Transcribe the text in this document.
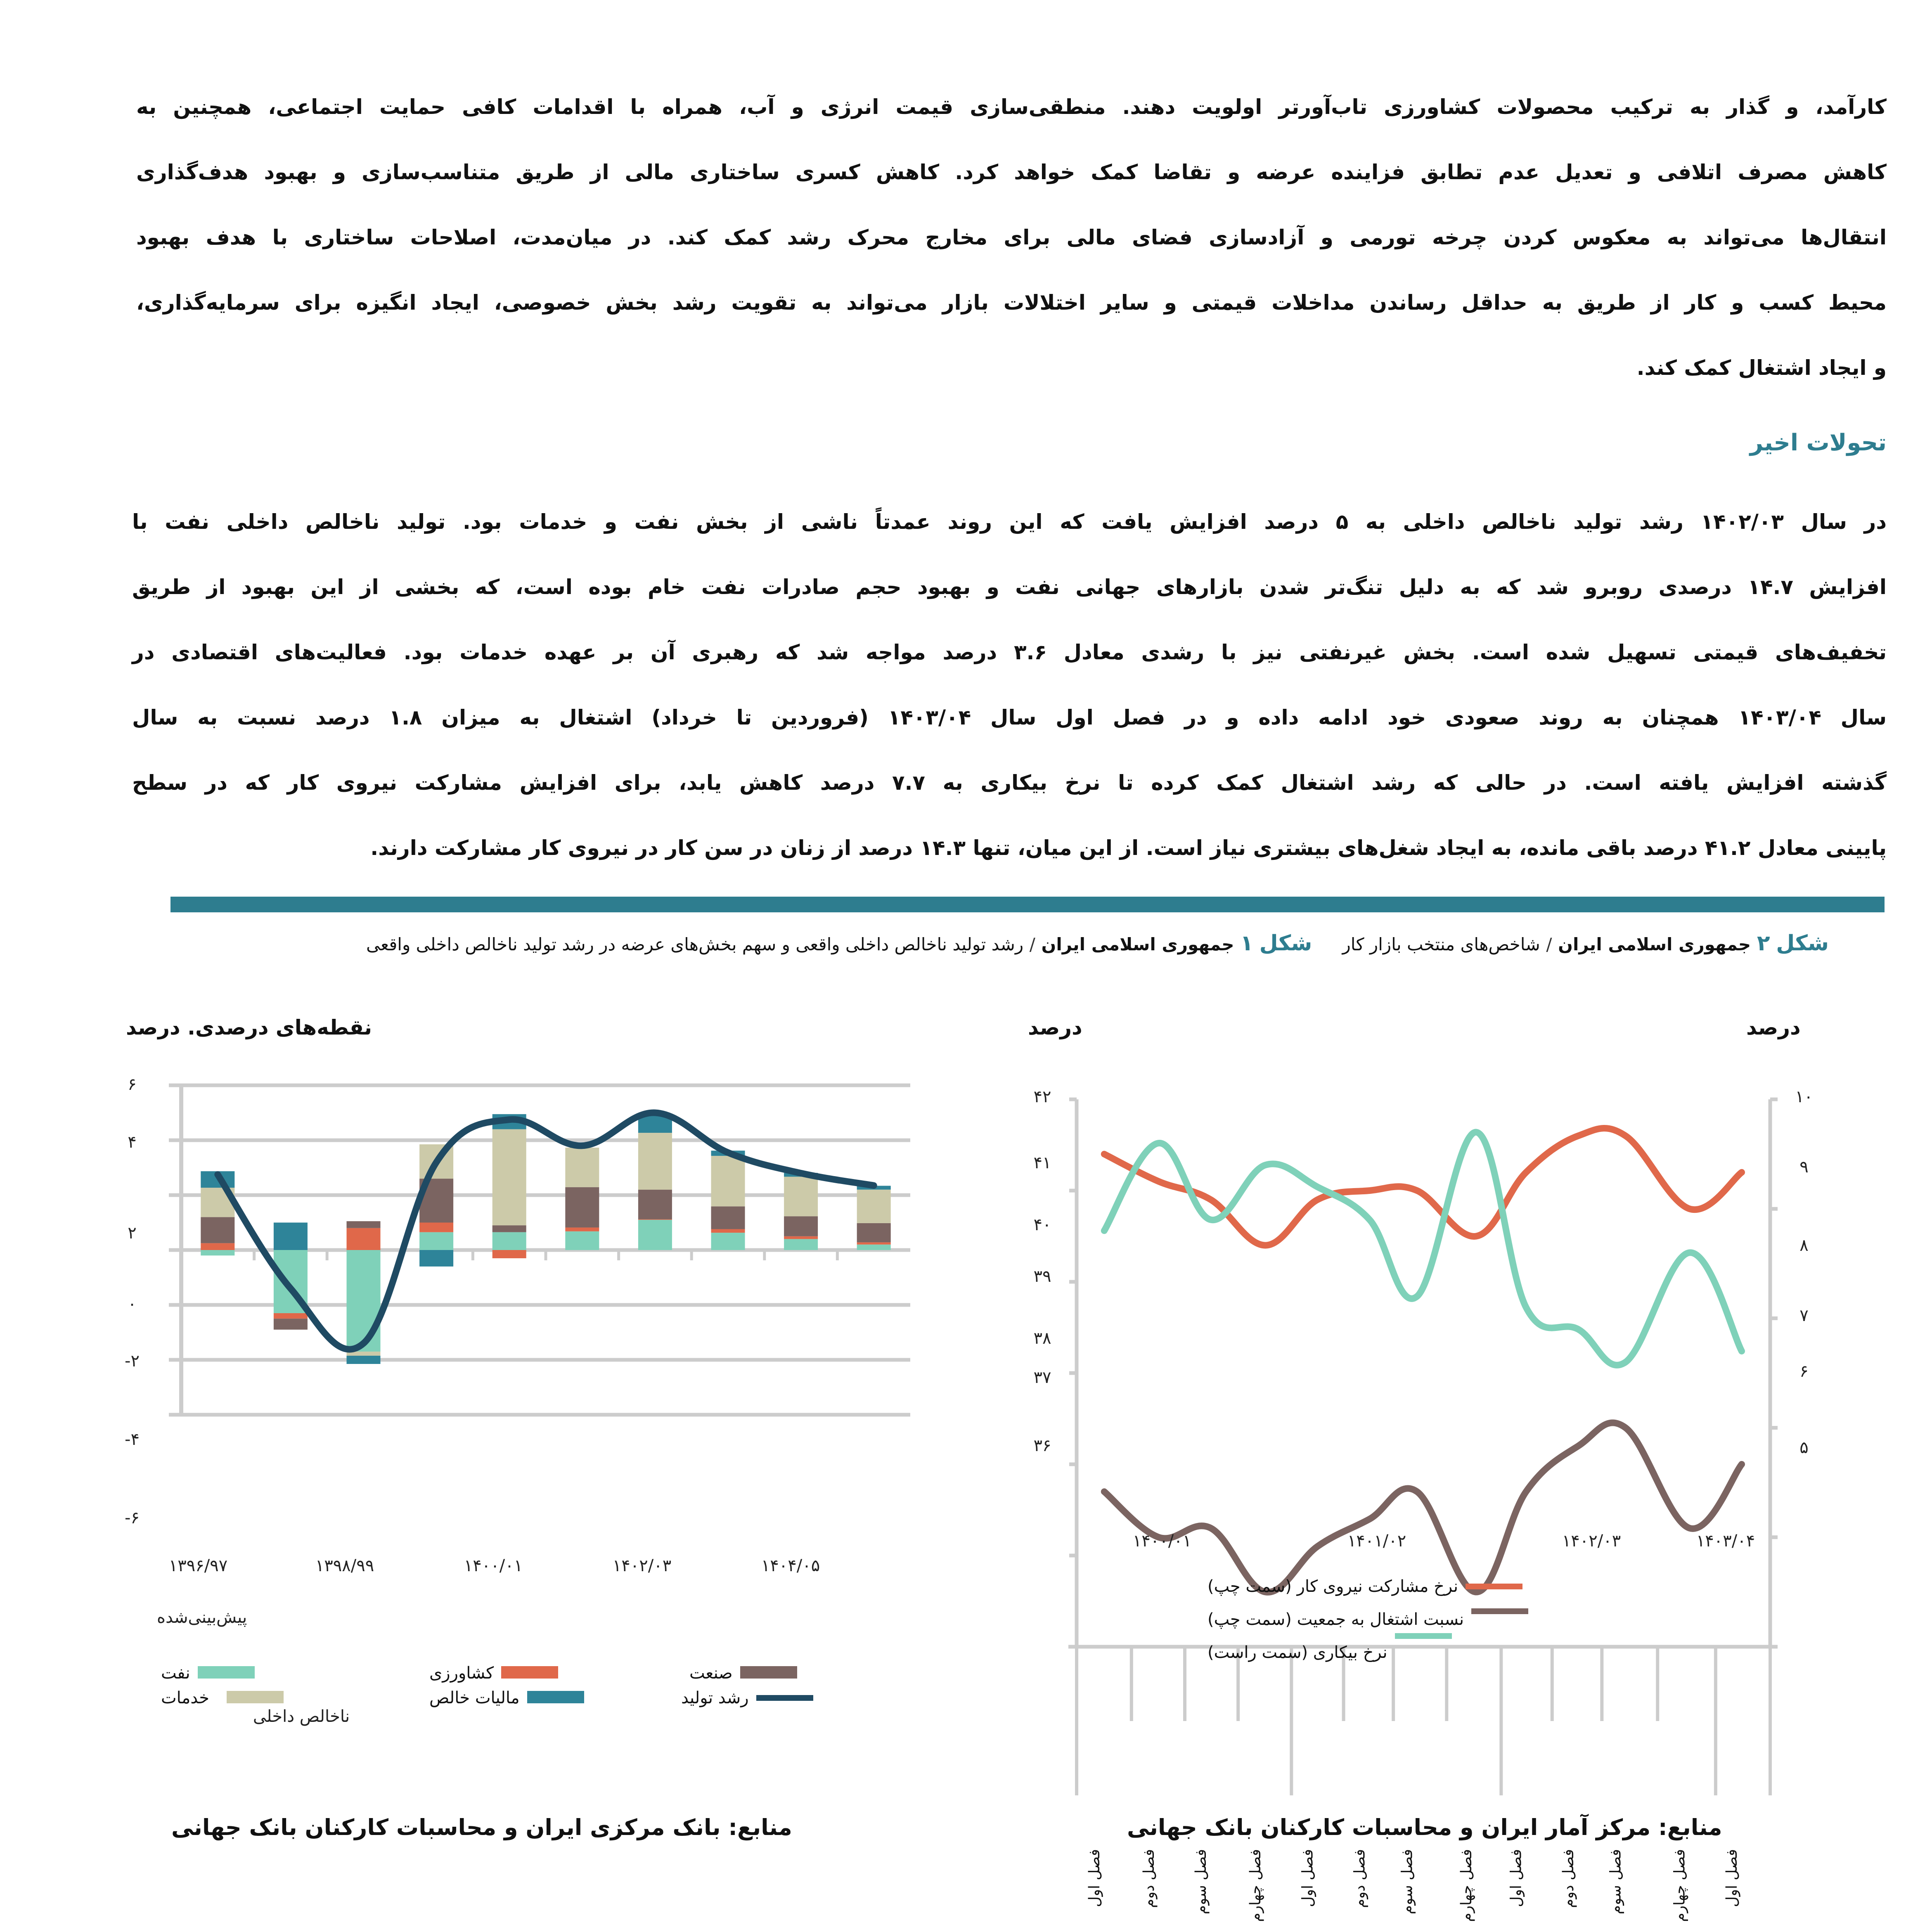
کارآمد، و گذار به ترکیب محصولات کشاورزی تاب‌آورتر اولویت دهند. منطقی‌سازی قیمت انرژی و آب، همراه با اقدامات کافی حمایت اجتماعی، همچنین به
کاهش مصرف اتلافی و تعدیل عدم تطابق فزاینده عرضه و تقاضا کمک خواهد کرد. کاهش کسری ساختاری مالی از طریق متناسب‌سازی و بهبود هدف‌گذاری
انتقال‌ها می‌تواند به معکوس کردن چرخه تورمی و آزادسازی فضای مالی برای مخارج محرک رشد کمک کند. در میان‌مدت، اصلاحات ساختاری با هدف بهبود
محیط کسب و کار از طریق به حداقل رساندن مداخلات قیمتی و سایر اختلالات بازار می‌تواند به تقویت رشد بخش خصوصی، ایجاد انگیزه برای سرمایه‌گذاری،
و ایجاد اشتغال کمک کند.
تحولات اخیر
در سال ۱۴۰۲/۰۳ رشد تولید ناخالص داخلی به ۵ درصد افزایش یافت که این روند عمدتاً ناشی از بخش نفت و خدمات بود. تولید ناخالص داخلی نفت با
افزایش ۱۴.۷ درصدی روبرو شد که به دلیل تنگ‌تر شدن بازارهای جهانی نفت و بهبود حجم صادرات نفت خام بوده است، که بخشی از این بهبود از طریق
تخفیف‌های قیمتی تسهیل شده است. بخش غیرنفتی نیز با رشدی معادل ۳.۶ درصد مواجه شد که رهبری آن بر عهده خدمات بود. فعالیت‌های اقتصادی در
سال ۱۴۰۳/۰۴ همچنان به روند صعودی خود ادامه داده و در فصل اول سال ۱۴۰۳/۰۴ (فروردین تا خرداد) اشتغال به میزان ۱.۸ درصد نسبت به سال
گذشته افزایش یافته است. در حالی که رشد اشتغال کمک کرده تا نرخ بیکاری به ۷.۷ درصد کاهش یابد، برای افزایش مشارکت نیروی کار که در سطح
پایینی معادل ۴۱.۲ درصد باقی مانده، به ایجاد شغل‌های بیشتری نیاز است. از این میان، تنها ۱۴.۳ درصد از زنان در سن کار در نیروی کار مشارکت دارند.
شکل ۲ جمهوری اسلامی ایران / شاخص‌های منتخب بازار کار     شکل ۱ جمهوری اسلامی ایران / رشد تولید ناخالص داخلی واقعی و سهم بخش‌های عرضه در رشد تولید ناخالص داخلی واقعی
نقطه‌های درصدی. درصد	درصد	درصد
۶
۴
۲
۰
-۲
-۴
-۶
۴۲
۴۱
۴۰
۳۹
۳۸
۳۷
۳۶
۱۰
۹
۸
۷
۶
۵
فصل اول	فصل دوم فصل سوم	فصل چهارم فصل اول فصل دوم فصل سوم	فصل چهارم فصل اول فصل دوم فصل سوم	فصل چهارم فصل اول
۱۳۹۶/۹۷	۱۳۹۸/۹۹	۱۴۰۰/۰۱	۱۴۰۲/۰۳	۱۴۰۴/۰۵
پیش‌بینی‌شده
نفت
خدمات
کشاورزی
مالیات خالص
صنعت
رشد تولید
ناخالص داخلی
۱۴۰۰/۰۱	۱۴۰۱/۰۲	۱۴۰۲/۰۳	۱۴۰۳/۰۴
نرخ مشارکت نیروی کار (سمت چپ)
نسبت اشتغال به جمعیت (سمت چپ)
نرخ بیکاری (سمت راست)
منابع: بانک مرکزی ایران و محاسبات کارکنان بانک جهانی	منابع: مرکز آمار ایران و محاسبات کارکنان بانک جهانی
